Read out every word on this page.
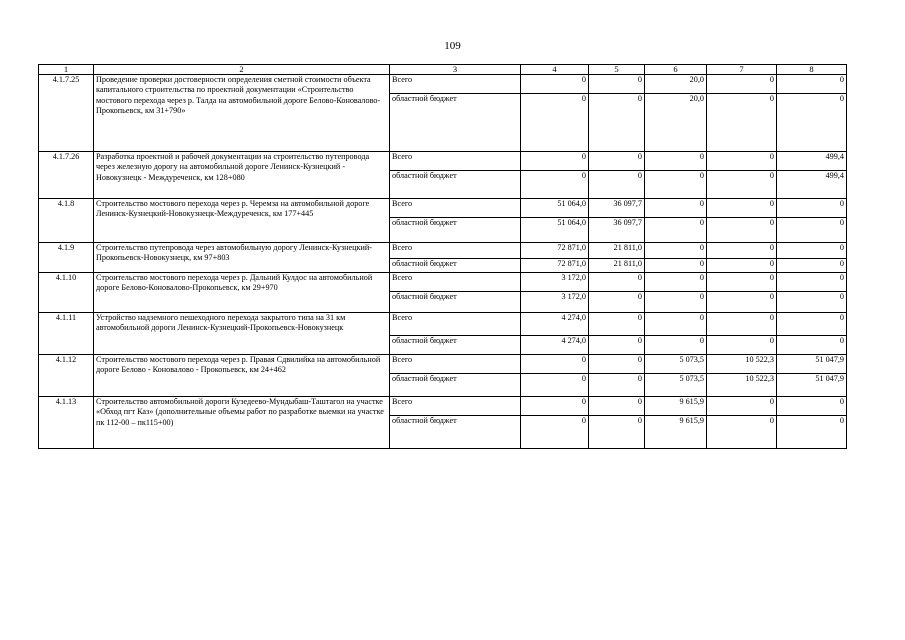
109
1	2	3	4	5	6	7	8
4.1.7.25	Проведение проверки достоверности определения сметной стоимости объекта капитального строительства по проектной документации «Строительство мостового перехода через р. Талда на автомобильной дороге Белово-Коновалово-Прокопьевск, км 31+790»	Всего	0	0	20,0	0	0
		областной бюджет	0	0	20,0	0	0
4.1.7.26	Разработка проектной и рабочей документации на строительство путепровода через железную дорогу на автомобильной дороге Ленинск-Кузнецкий - Новокузнецк - Междуреченск, км 128+080	Всего	0	0	0	0	499,4
		областной бюджет	0	0	0	0	499,4
4.1.8	Строительство мостового перехода через р. Черемза на автомобильной дороге Ленинск-Кузнецкий-Новокузнецк-Междуреченск, км 177+445	Всего	51 064,0	36 097,7	0	0	0
		областной бюджет	51 064,0	36 097,7	0	0	0
4.1.9	Строительство путепровода через автомобильную дорогу Ленинск-Кузнецкий-Прокопьевск-Новокузнецк, км 97+803	Всего	72 871,0	21 811,0	0	0	0
		областной бюджет	72 871,0	21 811,0	0	0	0
4.1.10	Строительство мостового перехода через р. Дальний Кулдос на автомобильной дороге Белово-Коновалово-Прокопьевск, км 29+970	Всего	3 172,0	0	0	0	0
		областной бюджет	3 172,0	0	0	0	0
4.1.11	Устройство надземного пешеходного перехода закрытого типа на 31 км автомобильной дороги Ленинск-Кузнецкий-Прокопьевск-Новокузнецк	Всего	4 274,0	0	0	0	0
		областной бюджет	4 274,0	0	0	0	0
4.1.12	Строительство мостового перехода через р. Правая Сдвилийка на автомобильной дороге Белово - Коновалово - Прокопьевск, км 24+462	Всего	0	0	5 073,5	10 522,3	51 047,9
		областной бюджет	0	0	5 073,5	10 522,3	51 047,9
4.1.13	Строительство автомобильной дороги Кузедеево-Мундыбаш-Таштагол на участке «Обход пгт Каз» (дополнительные объемы работ по разработке выемки на участке пк 112-00 – пк115+00)	Всего	0	0	9 615,9	0	0
		областной бюджет	0	0	9 615,9	0	0
